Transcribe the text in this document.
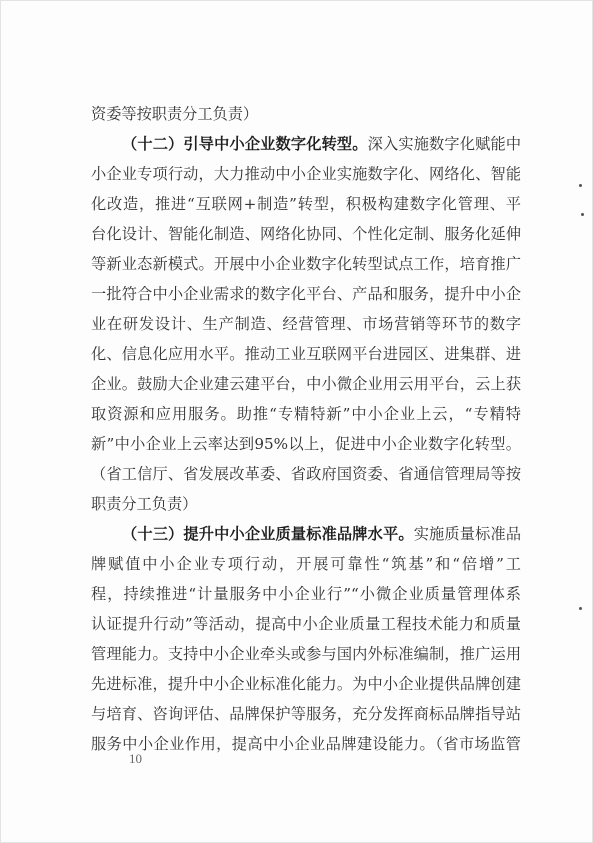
资委等按职责分工负责）
（十二）引导中小企业数字化转型。深入实施数字化赋能中
小企业专项行动，大力推动中小企业实施数字化、网络化、智能
化改造，推进“互联网+制造”转型，积极构建数字化管理、平
台化设计、智能化制造、网络化协同、个性化定制、服务化延伸
等新业态新模式。开展中小企业数字化转型试点工作，培育推广
一批符合中小企业需求的数字化平台、产品和服务，提升中小企
业在研发设计、生产制造、经营管理、市场营销等环节的数字
化、信息化应用水平。推动工业互联网平台进园区、进集群、进
企业。鼓励大企业建云建平台，中小微企业用云用平台，云上获
取资源和应用服务。助推“专精特新”中小企业上云，“专精特
新”中小企业上云率达到95%以上，促进中小企业数字化转型。
（省工信厅、省发展改革委、省政府国资委、省通信管理局等按
职责分工负责）
（十三）提升中小企业质量标准品牌水平。实施质量标准品
牌赋值中小企业专项行动，开展可靠性“筑基”和“倍增”工
程，持续推进“计量服务中小企业行”“小微企业质量管理体系
认证提升行动”等活动，提高中小企业质量工程技术能力和质量
管理能力。支持中小企业牵头或参与国内外标准编制，推广运用
先进标准，提升中小企业标准化能力。为中小企业提供品牌创建
与培育、咨询评估、品牌保护等服务，充分发挥商标品牌指导站
服务中小企业作用，提高中小企业品牌建设能力。（省市场监管
10
